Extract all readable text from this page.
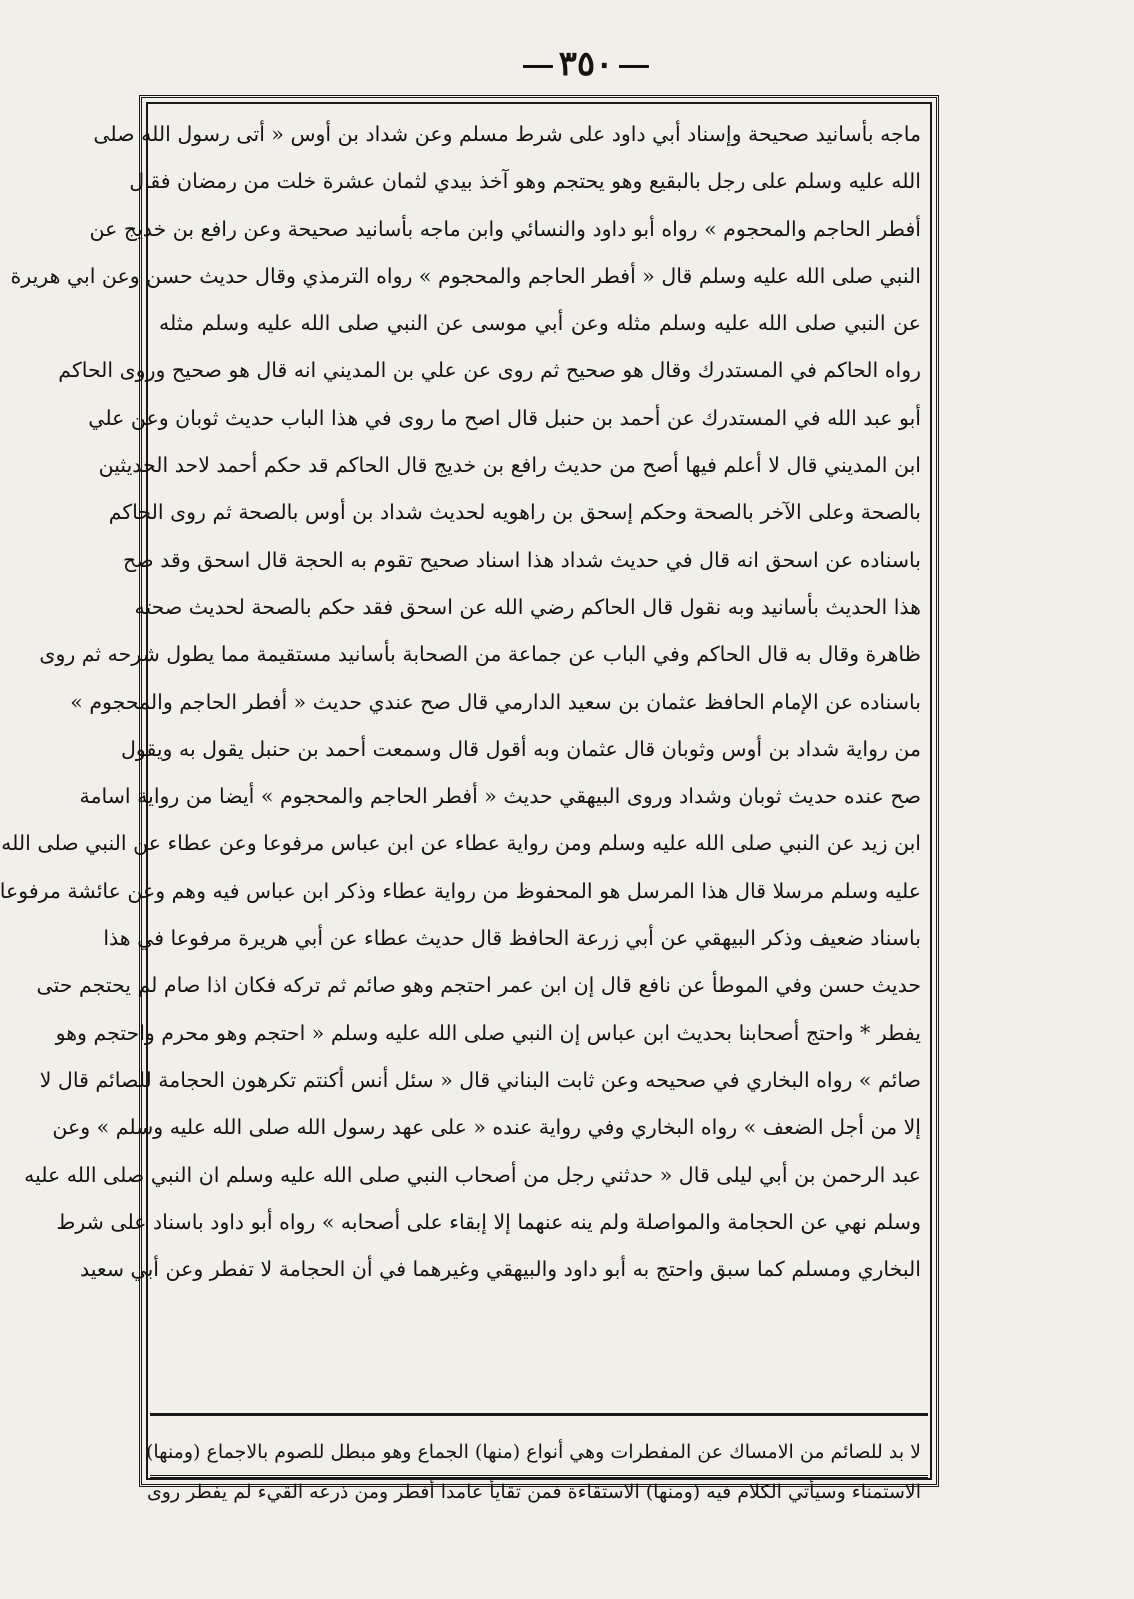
٣٥٠
ماجه بأسانيد صحيحة وإسناد أبي داود على شرط مسلم وعن شداد بن أوس « أتى رسول الله صلى
الله عليه وسلم على رجل بالبقيع وهو يحتجم وهو آخذ بيدي لثمان عشرة خلت من رمضان فقال
أفطر الحاجم والمحجوم » رواه أبو داود والنسائي وابن ماجه بأسانيد صحيحة وعن رافع بن خديج عن
النبي صلى الله عليه وسلم قال « أفطر الحاجم والمحجوم » رواه الترمذي وقال حديث حسن وعن ابي هريرة
عن النبي صلى الله عليه وسلم مثله وعن أبي موسى عن النبي صلى الله عليه وسلم مثله
رواه الحاكم في المستدرك وقال هو صحيح ثم روى عن علي بن المديني انه قال هو صحيح وروى الحاكم
أبو عبد الله في المستدرك عن أحمد بن حنبل قال اصح ما روى في هذا الباب حديث ثوبان وعن علي
ابن المديني قال لا أعلم فيها أصح من حديث رافع بن خديج قال الحاكم قد حكم أحمد لاحد الحديثين
بالصحة وعلى الآخر بالصحة وحكم إسحق بن راهويه لحديث شداد بن أوس بالصحة ثم روى الحاكم
باسناده عن اسحق انه قال في حديث شداد هذا اسناد صحيح تقوم به الحجة قال اسحق وقد صح
هذا الحديث بأسانيد وبه نقول قال الحاكم رضي الله عن اسحق فقد حكم بالصحة لحديث صحته
ظاهرة وقال به قال الحاكم وفي الباب عن جماعة من الصحابة بأسانيد مستقيمة مما يطول شرحه ثم روى
باسناده عن الإمام الحافظ عثمان بن سعيد الدارمي قال صح عندي حديث « أفطر الحاجم والمحجوم »
من رواية شداد بن أوس وثوبان قال عثمان وبه أقول قال وسمعت أحمد بن حنبل يقول به ويقول
صح عنده حديث ثوبان وشداد وروى البيهقي حديث « أفطر الحاجم والمحجوم » أيضا من رواية اسامة
ابن زيد عن النبي صلى الله عليه وسلم ومن رواية عطاء عن ابن عباس مرفوعا وعن عطاء عن النبي صلى الله
عليه وسلم مرسلا قال هذا المرسل هو المحفوظ من رواية عطاء وذكر ابن عباس فيه وهم وعن عائشة مرفوعا
باسناد ضعيف وذكر البيهقي عن أبي زرعة الحافظ قال حديث عطاء عن أبي هريرة مرفوعا في هذا
حديث حسن وفي الموطأ عن نافع قال إن ابن عمر احتجم وهو صائم ثم تركه فكان اذا صام لم يحتجم حتى
يفطر * واحتج أصحابنا بحديث ابن عباس إن النبي صلى الله عليه وسلم « احتجم وهو محرم واحتجم وهو
صائم » رواه البخاري في صحيحه وعن ثابت البناني قال « سئل أنس أكنتم تكرهون الحجامة للصائم قال لا
إلا من أجل الضعف » رواه البخاري وفي رواية عنده « على عهد رسول الله صلى الله عليه وسلم » وعن
عبد الرحمن بن أبي ليلى قال « حدثني رجل من أصحاب النبي صلى الله عليه وسلم ان النبي صلى الله عليه
وسلم نهي عن الحجامة والمواصلة ولم ينه عنهما إلا إبقاء على أصحابه » رواه أبو داود باسناد على شرط
البخاري ومسلم كما سبق واحتج به أبو داود والبيهقي وغيرهما في أن الحجامة لا تفطر وعن أبي سعيد
لا بد للصائم من الامساك عن المفطرات وهي أنواع (منها) الجماع وهو مبطل للصوم بالاجماع (ومنها)
الاستمناء وسيأتي الكلام فيه (ومنها) الاستقاءة فمن تقايأ عامدا أفطر ومن ذرعه القيء لم يفطر روى
